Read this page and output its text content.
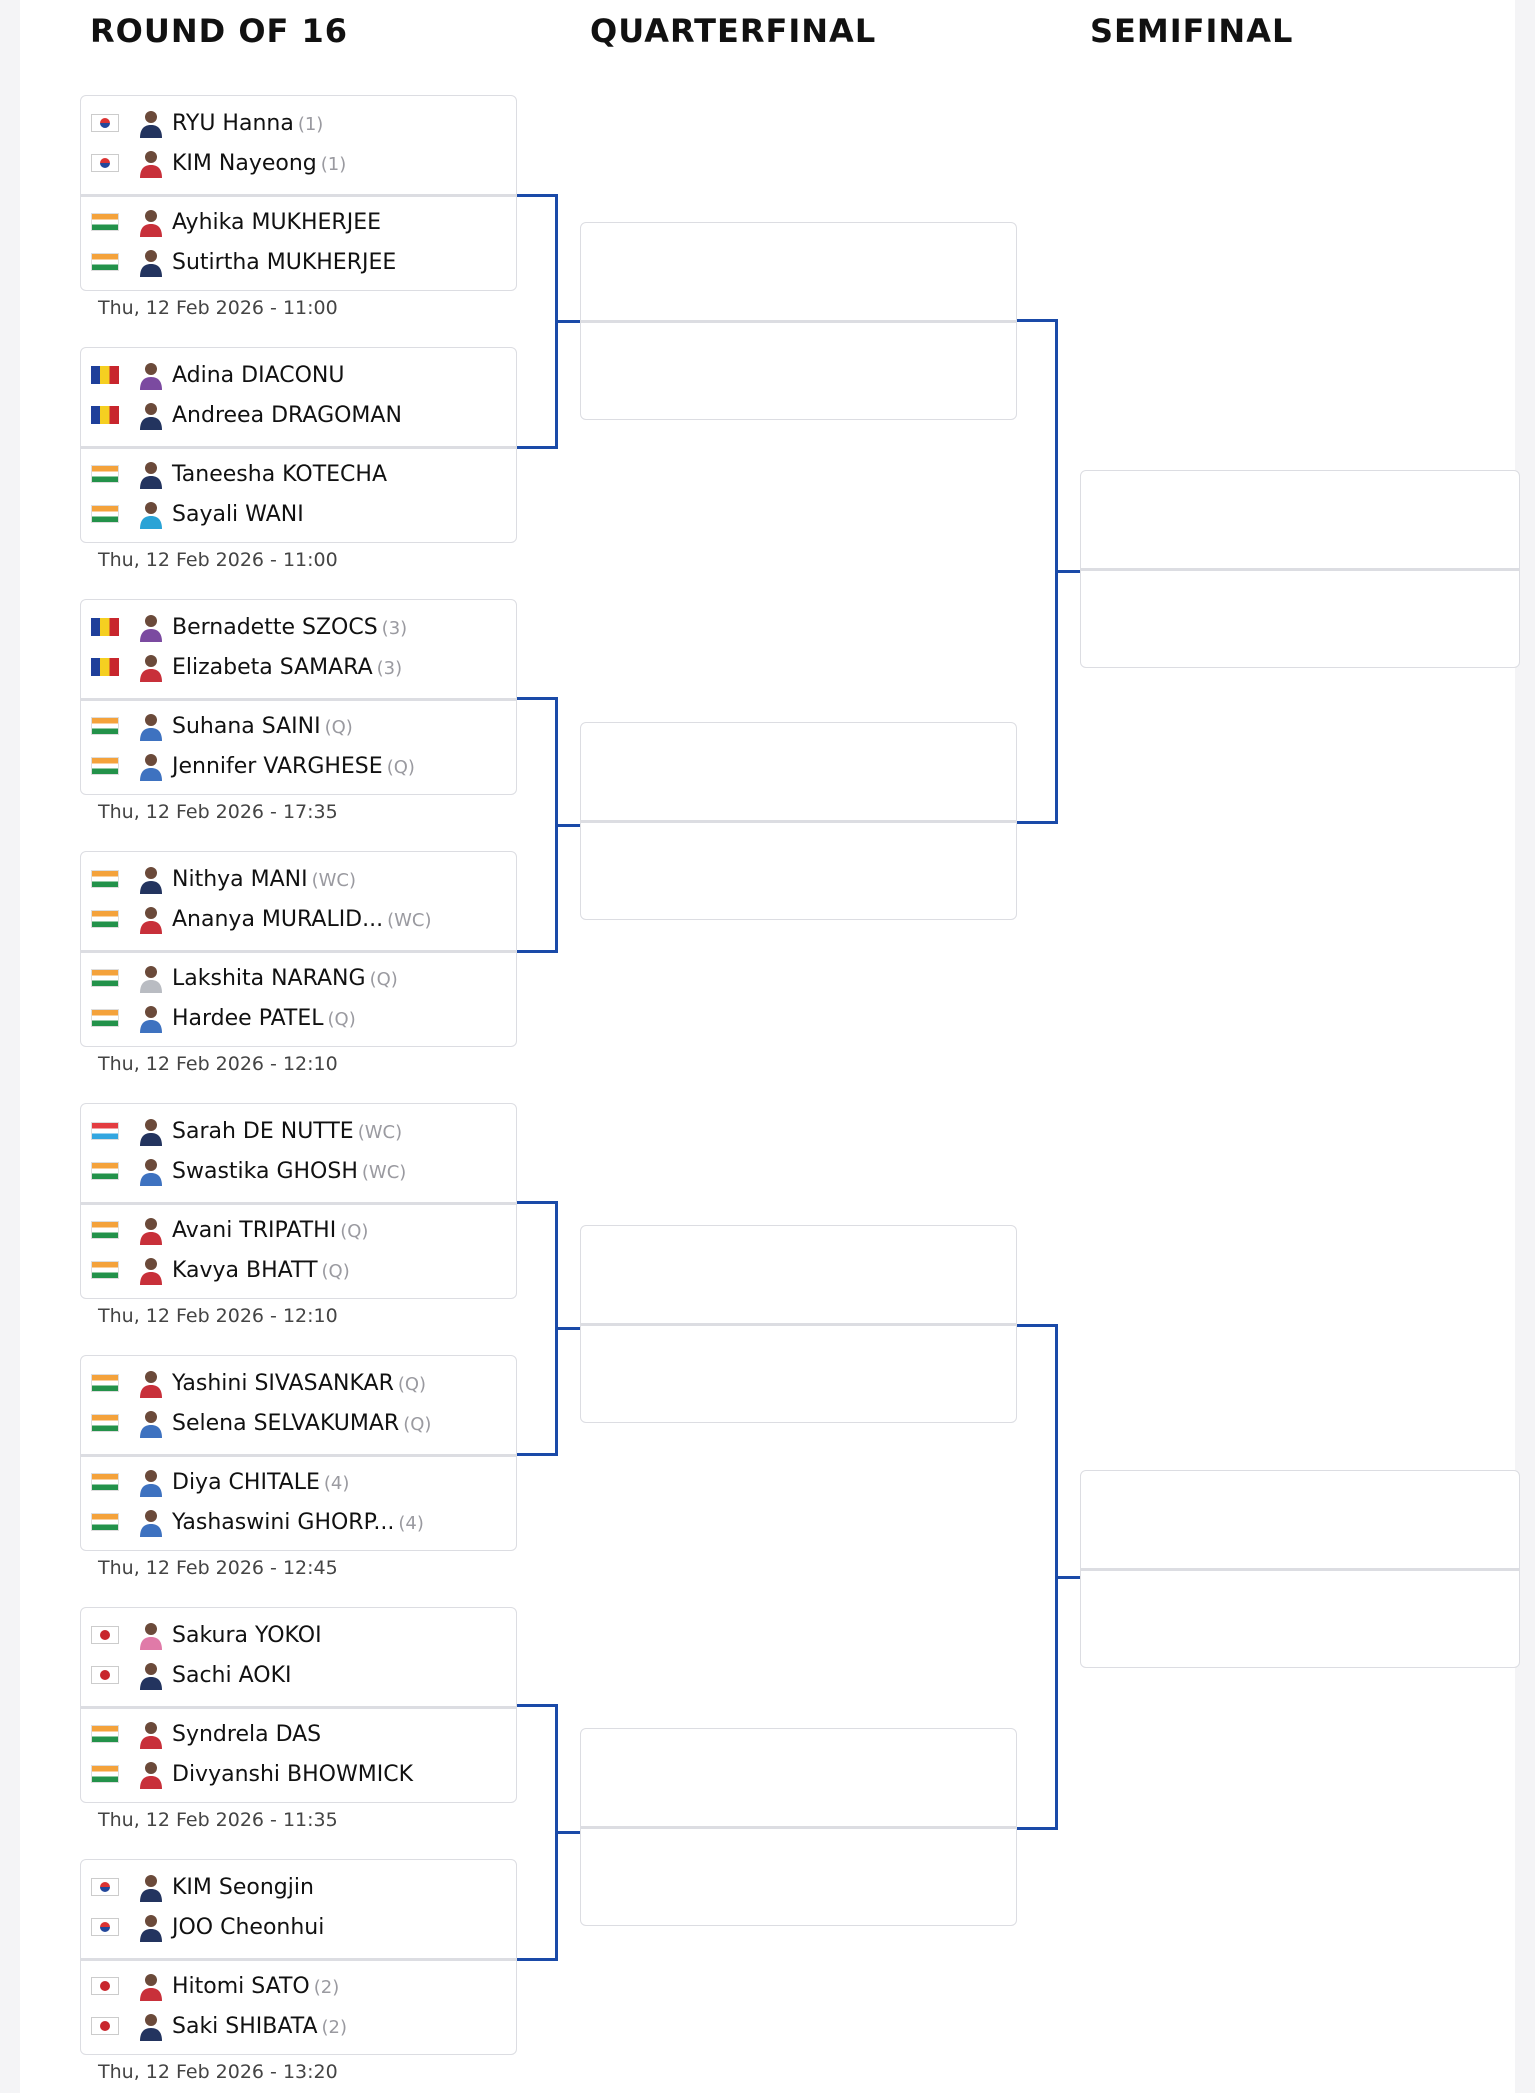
ROUND OF 16	QUARTERFINAL	SEMIFINAL
RYU Hanna (1)
KIM Nayeong (1)
Ayhika MUKHERJEE
Sutirtha MUKHERJEE
Thu, 12 Feb 2026 - 11:00
Adina DIACONU
Andreea DRAGOMAN
Taneesha KOTECHA
Sayali WANI
Thu, 12 Feb 2026 - 11:00
Bernadette SZOCS (3)
Elizabeta SAMARA (3)
Suhana SAINI (Q)
Jennifer VARGHESE (Q)
Thu, 12 Feb 2026 - 17:35
Nithya MANI (WC)
Ananya MURALID... (WC)
Lakshita NARANG (Q)
Hardee PATEL (Q)
Thu, 12 Feb 2026 - 12:10
Sarah DE NUTTE (WC)
Swastika GHOSH (WC)
Avani TRIPATHI (Q)
Kavya BHATT (Q)
Thu, 12 Feb 2026 - 12:10
Yashini SIVASANKAR (Q)
Selena SELVAKUMAR (Q)
Diya CHITALE (4)
Yashaswini GHORP... (4)
Thu, 12 Feb 2026 - 12:45
Sakura YOKOI
Sachi AOKI
Syndrela DAS
Divyanshi BHOWMICK
Thu, 12 Feb 2026 - 11:35
KIM Seongjin
JOO Cheonhui
Hitomi SATO (2)
Saki SHIBATA (2)
Thu, 12 Feb 2026 - 13:20
